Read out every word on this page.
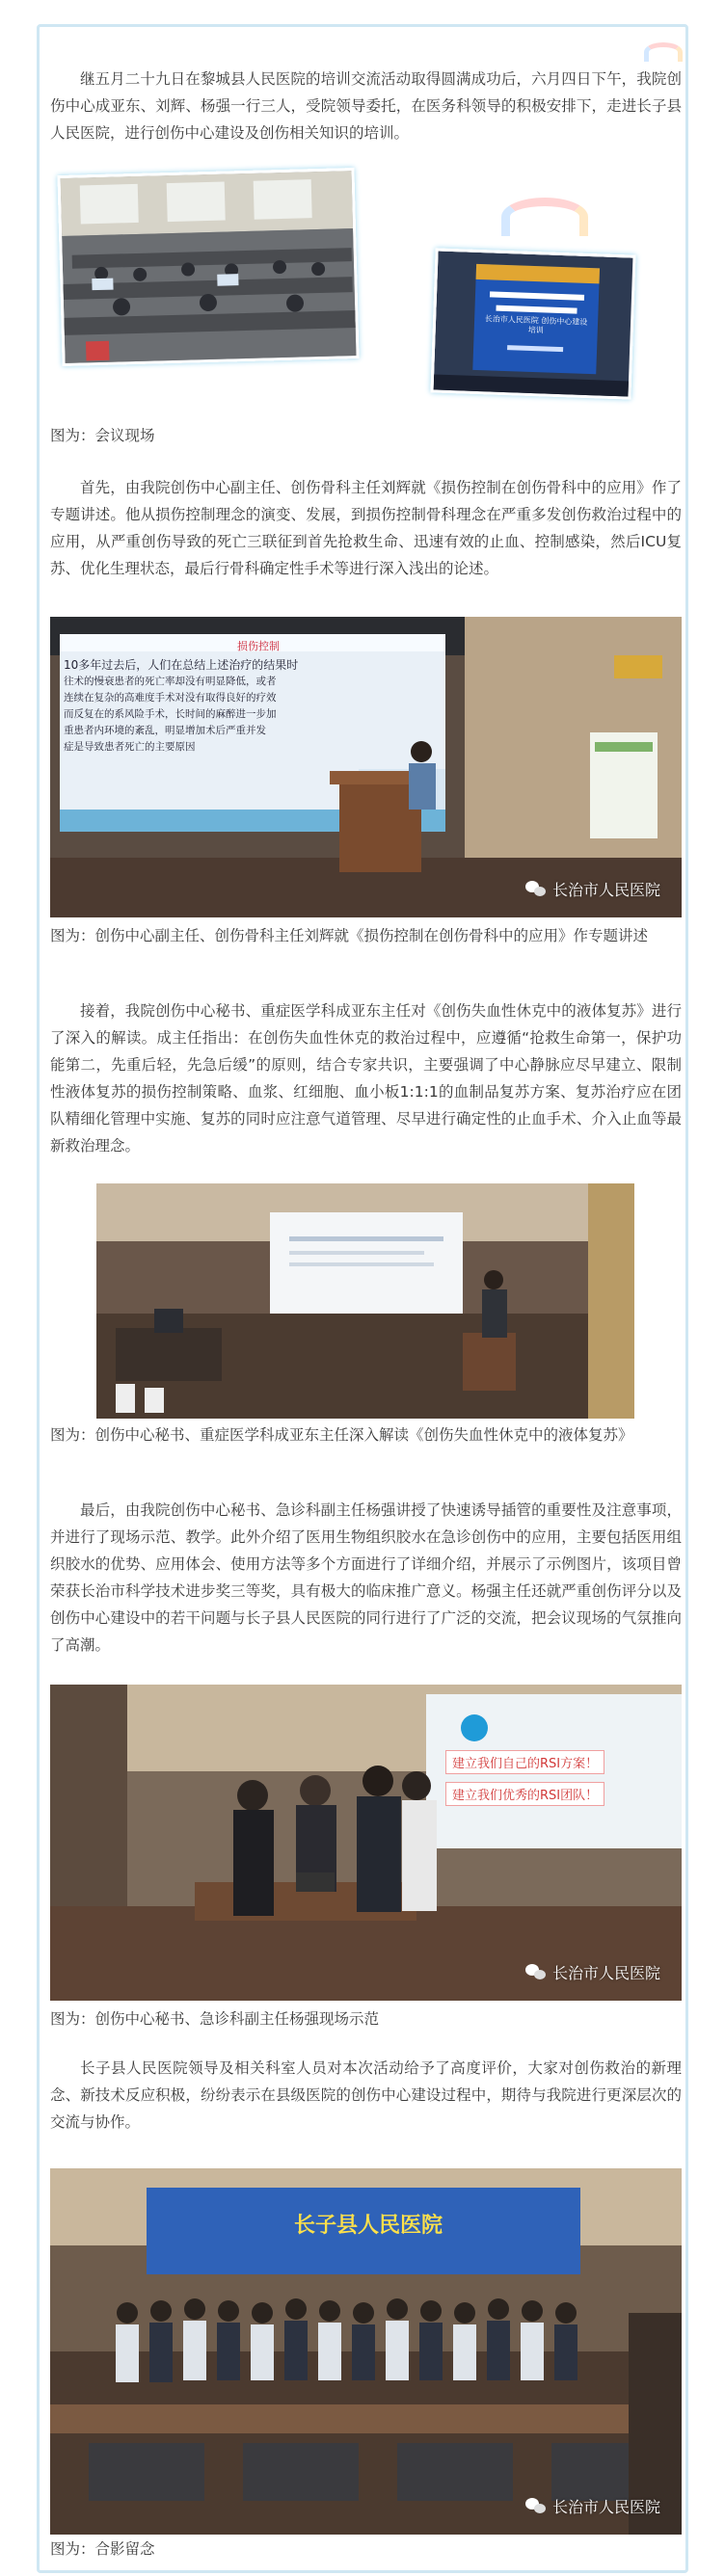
继五月二十九日在黎城县人民医院的培训交流活动取得圆满成功后，六月四日下午，我院创伤中心成亚东、刘辉、杨强一行三人，受院领导委托，在医务科领导的积极安排下，走进长子县人民医院，进行创伤中心建设及创伤相关知识的培训。

长治市人民医院 创伤中心建设培训

图为：会议现场

首先，由我院创伤中心副主任、创伤骨科主任刘辉就《损伤控制在创伤骨科中的应用》作了专题讲述。他从损伤控制理念的演变、发展，到损伤控制骨科理念在严重多发创伤救治过程中的应用，从严重创伤导致的死亡三联征到首先抢救生命、迅速有效的止血、控制感染，然后ICU复苏、优化生理状态，最后行骨科确定性手术等进行深入浅出的论述。

损伤控制
10多年过去后，人们在总结上述治疗的结果时
往术的慢衰患者的死亡率却没有明显降低，或者
连续在复杂的高难度手术对没有取得良好的疗效
而反复在的系风险手术，长时间的麻醉进一步加
重患者内环境的紊乱，明显增加术后严重并发
症是导致患者死亡的主要原因
长治市人民医院

图为：创伤中心副主任、创伤骨科主任刘辉就《损伤控制在创伤骨科中的应用》作专题讲述

接着，我院创伤中心秘书、重症医学科成亚东主任对《创伤失血性休克中的液体复苏》进行了深入的解读。成主任指出：在创伤失血性休克的救治过程中，应遵循“抢救生命第一，保护功能第二，先重后轻，先急后缓”的原则，结合专家共识，主要强调了中心静脉应尽早建立、限制性液体复苏的损伤控制策略、血浆、红细胞、血小板1:1:1的血制品复苏方案、复苏治疗应在团队精细化管理中实施、复苏的同时应注意气道管理、尽早进行确定性的止血手术、介入止血等最新救治理念。

图为：创伤中心秘书、重症医学科成亚东主任深入解读《创伤失血性休克中的液体复苏》

最后，由我院创伤中心秘书、急诊科副主任杨强讲授了快速诱导插管的重要性及注意事项，并进行了现场示范、教学。此外介绍了医用生物组织胶水在急诊创伤中的应用，主要包括医用组织胶水的优势、应用体会、使用方法等多个方面进行了详细介绍，并展示了示例图片，该项目曾荣获长治市科学技术进步奖三等奖，具有极大的临床推广意义。杨强主任还就严重创伤评分以及创伤中心建设中的若干问题与长子县人民医院的同行进行了广泛的交流，把会议现场的气氛推向了高潮。

建立我们自己的RSI方案！ 建立我们优秀的RSI团队！
长治市人民医院

图为：创伤中心秘书、急诊科副主任杨强现场示范

长子县人民医院领导及相关科室人员对本次活动给予了高度评价，大家对创伤救治的新理念、新技术反应积极，纷纷表示在县级医院的创伤中心建设过程中，期待与我院进行更深层次的交流与协作。

长子县人民医院
长治市人民医院

图为：合影留念
